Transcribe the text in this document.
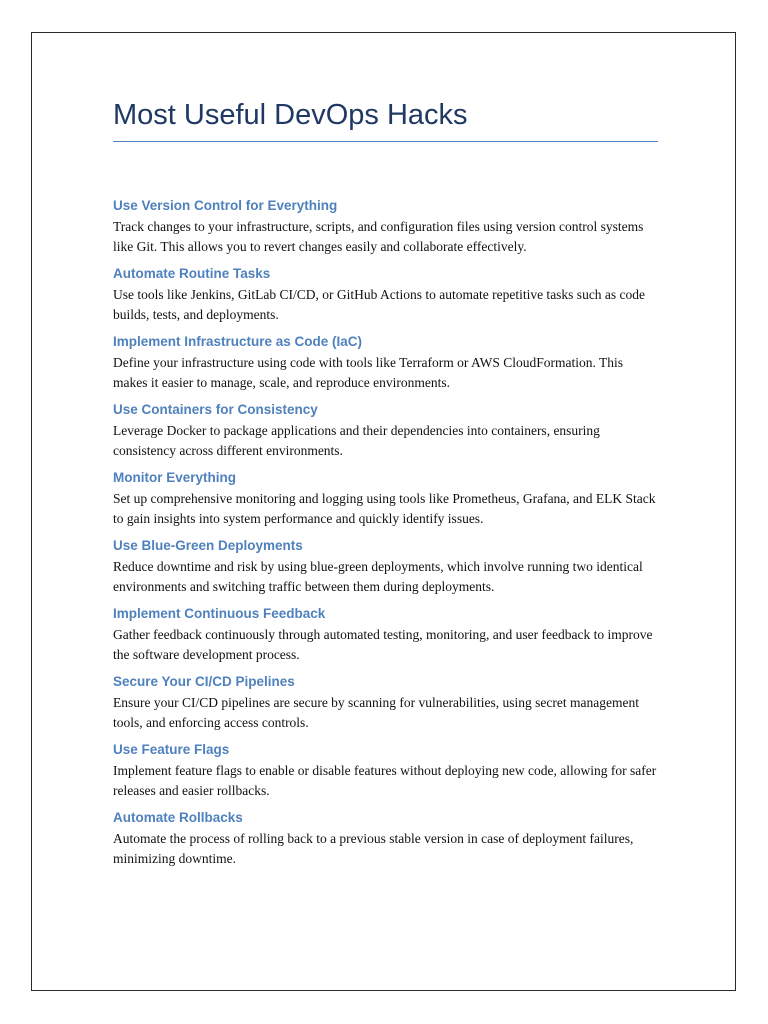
Most Useful DevOps Hacks
Use Version Control for Everything

Track changes to your infrastructure, scripts, and configuration files using version control systems like Git. This allows you to revert changes easily and collaborate effectively.

Automate Routine Tasks

Use tools like Jenkins, GitLab CI/CD, or GitHub Actions to automate repetitive tasks such as code builds, tests, and deployments.

Implement Infrastructure as Code (IaC)

Define your infrastructure using code with tools like Terraform or AWS CloudFormation. This makes it easier to manage, scale, and reproduce environments.

Use Containers for Consistency

Leverage Docker to package applications and their dependencies into containers, ensuring consistency across different environments.

Monitor Everything

Set up comprehensive monitoring and logging using tools like Prometheus, Grafana, and ELK Stack to gain insights into system performance and quickly identify issues.

Use Blue-Green Deployments

Reduce downtime and risk by using blue-green deployments, which involve running two identical environments and switching traffic between them during deployments.

Implement Continuous Feedback

Gather feedback continuously through automated testing, monitoring, and user feedback to improve the software development process.

Secure Your CI/CD Pipelines

Ensure your CI/CD pipelines are secure by scanning for vulnerabilities, using secret management tools, and enforcing access controls.

Use Feature Flags

Implement feature flags to enable or disable features without deploying new code, allowing for safer releases and easier rollbacks.

Automate Rollbacks

Automate the process of rolling back to a previous stable version in case of deployment failures, minimizing downtime.
